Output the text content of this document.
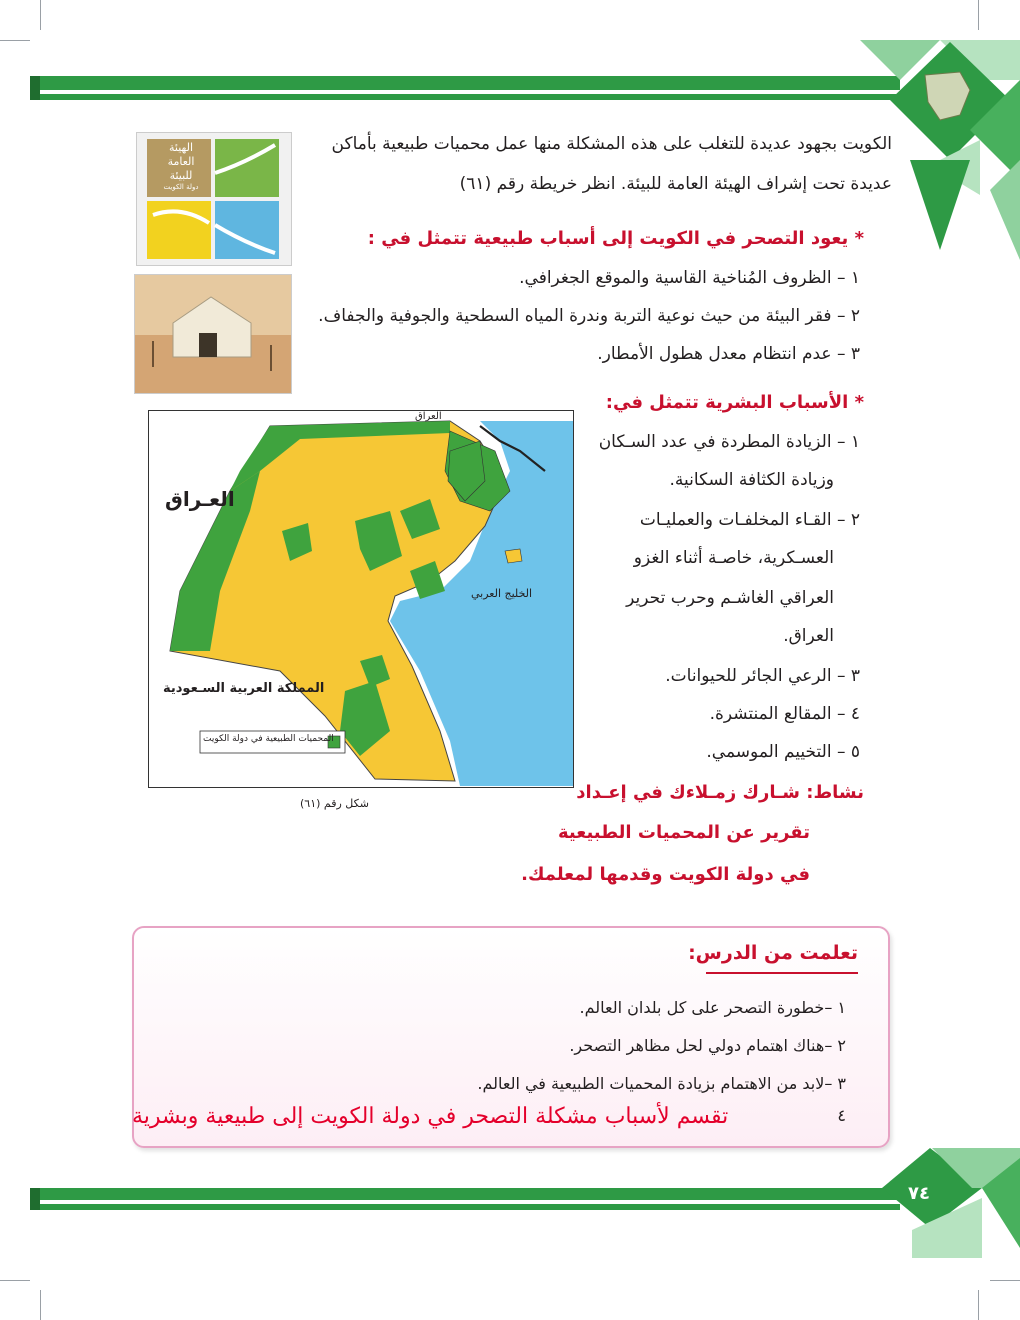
الكويت بجهود عديدة للتغلب على هذه المشكلة منها عمل محميات طبيعية بأماكن
عديدة تحت إشراف الهيئة العامة للبيئة. انظر خريطة رقم (٦١)
الهيئة
العامة
للبيئة
دولة الكويت
* يعود التصحر في الكويت إلى أسباب طبيعية تتمثل في :
١ – الظروف المُناخية القاسية والموقع الجغرافي.
٢ – فقر البيئة من حيث نوعية التربة وندرة المياه السطحية والجوفية والجفاف.
٣ – عدم انتظام معدل هطول الأمطار.
* الأسباب البشرية تتمثل في:
١ – الزيادة المطردة في عدد السـكان
وزيادة الكثافة السكانية.
٢ – القـاء المخلفـات والعمليـات
العسـكرية، خاصـة أثناء الغزو
العراقي الغاشـم وحرب تحرير
العراق.
٣ – الرعي الجائر للحيوانات.
٤ – المقالع المنتشرة.
٥ – التخييم الموسمي.
نشاط: شـارك زمـلاءك في إعـداد
تقرير عن المحميات الطبيعية
في دولة الكويت وقدمها لمعلمك.
العـراق
العراق
الخليج العربي
المملكة العربية السـعودية
المحميات الطبيعية في دولة الكويت
شكل رقم (٦١)
تعلمت من الدرس:
١ –خطورة التصحر على كل بلدان العالم.
٢ –هناك اهتمام دولي لحل مظاهر التصحر.
٣ –لابد من الاهتمام بزيادة المحميات الطبيعية في العالم.
٤
تقسم لأسباب مشكلة التصحر في دولة الكويت إلى طبيعية وبشرية
٧٤
